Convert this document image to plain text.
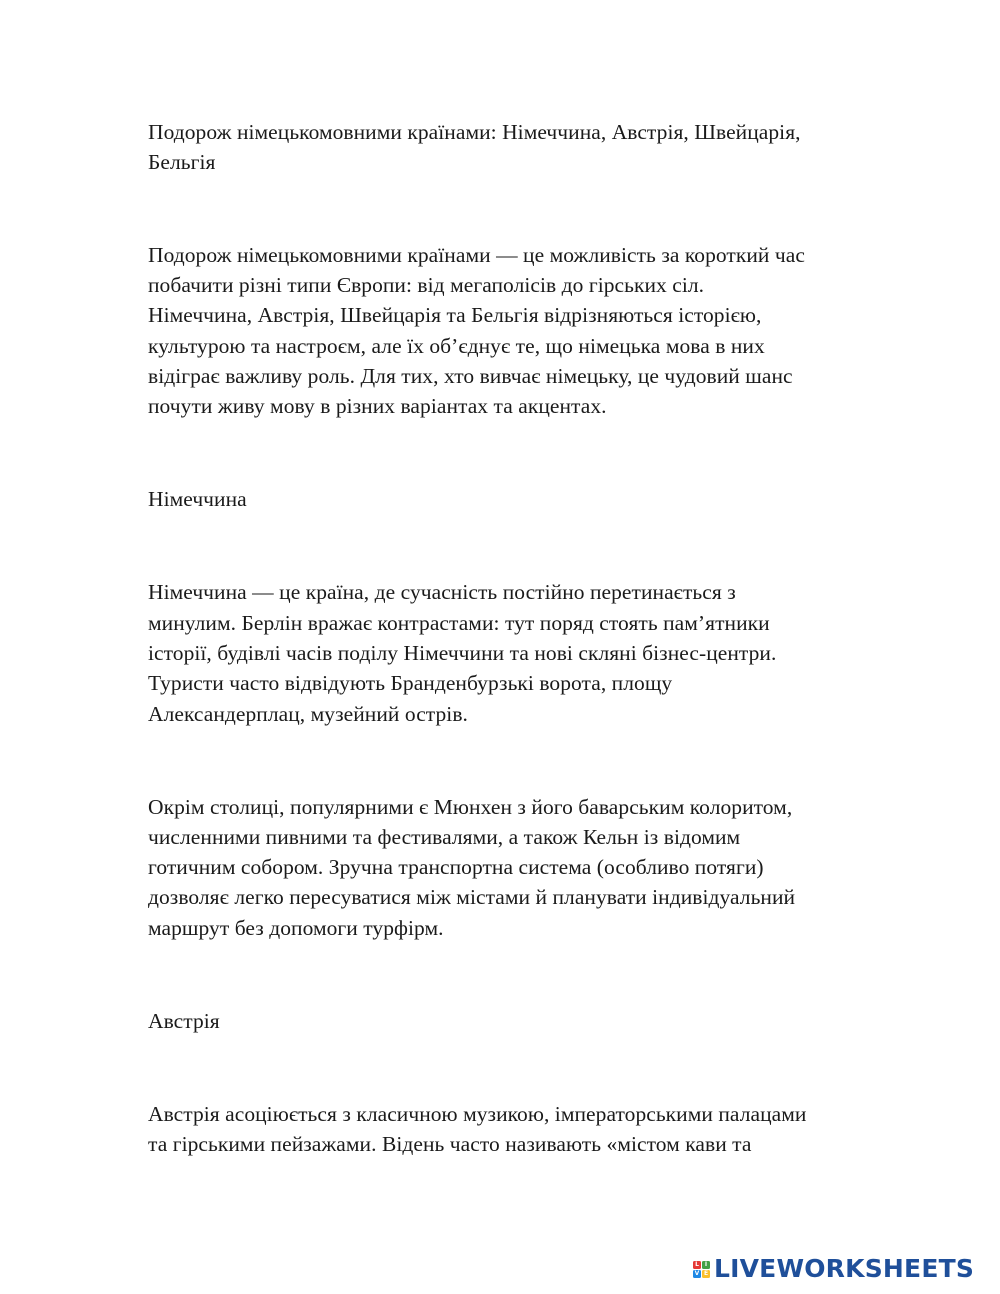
Подорож німецькомовними країнами: Німеччина, Австрія, Швейцарія,
Бельгія
Подорож німецькомовними країнами — це можливість за короткий час
побачити різні типи Європи: від мегаполісів до гірських сіл.
Німеччина, Австрія, Швейцарія та Бельгія відрізняються історією,
культурою та настроєм, але їх об’єднує те, що німецька мова в них
відіграє важливу роль. Для тих, хто вивчає німецьку, це чудовий шанс
почути живу мову в різних варіантах та акцентах.
Німеччина
Німеччина — це країна, де сучасність постійно перетинається з
минулим. Берлін вражає контрастами: тут поряд стоять пам’ятники
історії, будівлі часів поділу Німеччини та нові скляні бізнес-центри.
Туристи часто відвідують Бранденбурзькі ворота, площу
Александерплац, музейний острів.
Окрім столиці, популярними є Мюнхен з його баварським колоритом,
численними пивними та фестивалями, а також Кельн із відомим
готичним собором. Зручна транспортна система (особливо потяги)
дозволяє легко пересуватися між містами й планувати індивідуальний
маршрут без допомоги турфірм.
Австрія
Австрія асоціюється з класичною музикою, імператорськими палацами
та гірськими пейзажами. Відень часто називають «містом кави та
L I
V E LIVEWORKSHEETS
